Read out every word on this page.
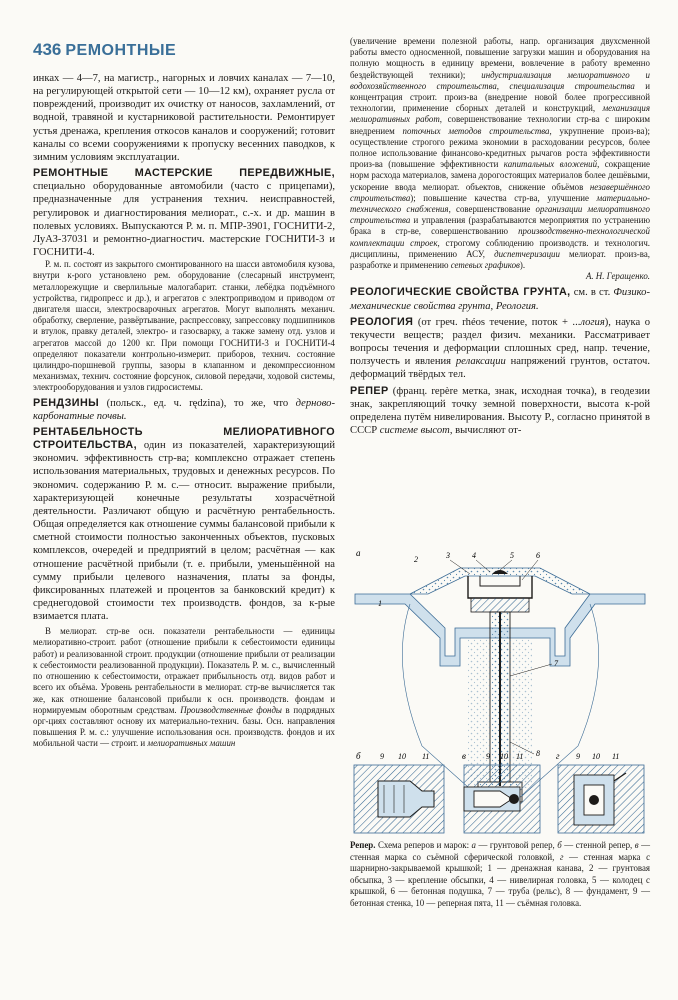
436 РЕМОНТНЫЕ

инках — 4—7, на магистр., нагорных и ловчих каналах — 7—10, на регулирующей открытой сети — 10—12 км), охраняет русла от повреждений, производит их очистку от наносов, захламлений, от водной, травяной и кустарниковой растительности. Ремонтирует устья дренажа, крепления откосов каналов и сооружений; готовит каналы со всеми сооружениями к пропуску весенних паводков, к зимним условиям эксплуатации.

РЕМОНТНЫЕ МАСТЕРСКИЕ ПЕРЕДВИЖНЫЕ, специально оборудованные автомобили (часто с прицепами), предназначенные для устранения технич. неисправностей, регулировок и диагностирования мелиорат., с.-х. и др. машин в полевых условиях. Выпускаются Р. м. п. МПР-3901, ГОСНИТИ-2, ЛуАЗ-37031 и ремонтно-диагностич. мастерские ГОСНИТИ-3 и ГОСНИТИ-4.

Р. м. п. состоят из закрытого смонтированного на шасси автомобиля кузова, внутри к-рого установлено рем. оборудование (слесарный инструмент, металлорежущие и сверлильные малогабарит. станки, лебёдка подъёмного устройства, гидропресс и др.), и агрегатов с электроприводом и приводом от двигателя шасси, электросварочных агрегатов. Могут выполнять механич. обработку, сверление, развёртывание, распрессовку, запрессовку подшипников и втулок, правку деталей, электро- и газосварку, а также замену отд. узлов и агрегатов массой до 1200 кг. При помощи ГОСНИТИ-3 и ГОСНИТИ-4 определяют показатели контрольно-измерит. приборов, технич. состояние цилиндро-поршневой группы, зазоры в клапанном и декомпрессионном механизмах, технич. состояние форсунок, силовой передачи, ходовой системы, электрооборудования и узлов гидросистемы.

РЕНДЗИНЫ (польск., ед. ч. rędzina), то же, что дерново-карбонатные почвы.

РЕНТАБЕЛЬНОСТЬ МЕЛИОРАТИВНОГО СТРОИТЕЛЬСТВА, один из показателей, характеризующий экономич. эффективность стр-ва; комплексно отражает степень использования материальных, трудовых и денежных ресурсов. По экономич. содержанию Р. м. с.— относит. выражение прибыли, характеризующей конечные результаты хозрасчётной деятельности. Различают общую и расчётную рентабельность. Общая определяется как отношение суммы балансовой прибыли к сметной стоимости полностью законченных объектов, пусковых комплексов, очередей и предприятий в целом; расчётная — как отношение расчётной прибыли (т. е. прибыли, уменьшённой на сумму прибыли целевого назначения, платы за фонды, фиксированных платежей и процентов за банковский кредит) к среднегодовой стоимости тех производств. фондов, за к-рые взимается плата.

В мелиорат. стр-ве осн. показатели рентабельности — единицы мелиоративно-строит. работ (отношение прибыли к себестоимости единицы работ) и реализованной строит. продукции (отношение прибыли от реализации к себестоимости реализованной продукции). Показатель Р. м. с., вычисленный по отношению к себестоимости, отражает прибыльность отд. видов работ и всего их объёма. Уровень рентабельности в мелиорат. стр-ве вычисляется так же, как отношение балансовой прибыли к осн. производств. фондам и нормируемым оборотным средствам. Производственные фонды в подрядных орг-циях составляют основу их материально-технич. базы. Осн. направления повышения Р. м. с.: улучшение использования осн. производств. фондов и их мобильной части — строит. и мелиоративных машин

(увеличение времени полезной работы, напр. организация двухсменной работы вместо односменной, повышение загрузки машин и оборудования на полную мощность в единицу времени, вовлечение в работу временно бездействующей техники); индустриализация мелиоративного и водохозяйственного строительства, специализация строительства и концентрация строит. произ-ва (внедрение новой более прогрессивной технологии, применение сборных деталей и конструкций, механизация мелиоративных работ, совершенствование технологии стр-ва с широким внедрением поточных методов строительства, укрупнение произ-ва); осуществление строгого режима экономии в расходовании ресурсов, более полное использование финансово-кредитных рычагов роста эффективности произ-ва (повышение эффективности капитальных вложений, сокращение норм расхода материалов, замена дорогостоящих материалов более дешёвыми, ускорение ввода мелиорат. объектов, снижение объёмов незавершённого строительства); повышение качества стр-ва, улучшение материально-технического снабжения, совершенствование организации мелиоративного строительства и управления (разрабатываются мероприятия по устранению брака в стр-ве, совершенствованию производственно-технологической комплектации строек, строгому соблюдению производств. и технологич. дисциплины, применению АСУ, диспетчеризации мелиорат. произ-ва, разработке и применению сетевых графиков).

А. Н. Геращенко.

РЕОЛОГИЧЕСКИЕ СВОЙСТВА ГРУНТА, см. в ст. Физико-механические свойства грунта, Реология.

РЕОЛОГИЯ (от греч. rhéos течение, поток + ...логия), наука о текучести веществ; раздел физич. механики. Рассматривает вопросы течения и деформации сплошных сред, напр. течение, ползучесть и явления релаксации напряжений грунтов, остаточ. деформаций твёрдых тел.

РЕПЕР (франц. repère метка, знак, исходная точка), в геодезии знак, закрепляющий точку земной поверхности, высота к-рой определена путём нивелирования. Высоту Р., согласно принятой в СССР системе высот, вычисляют от-

а
1
2	3	4	5	6
7
8
б 9 10 11	в	9 10 11	г 9 10 11

Репер. Схема реперов и марок: а — грунтовой репер, б — стенной репер, в — стенная марка со съёмной сферической головкой, г — стенная марка с шарнирно-закрываемой крышкой; 1 — дренажная канава, 2 — грунтовая обсыпка, 3 — крепление обсыпки, 4 — нивелирная головка, 5 — колодец с крышкой, 6 — бетонная подушка, 7 — труба (рельс), 8 — фундамент, 9 — бетонная стенка, 10 — реперная пята, 11 — съёмная головка.
